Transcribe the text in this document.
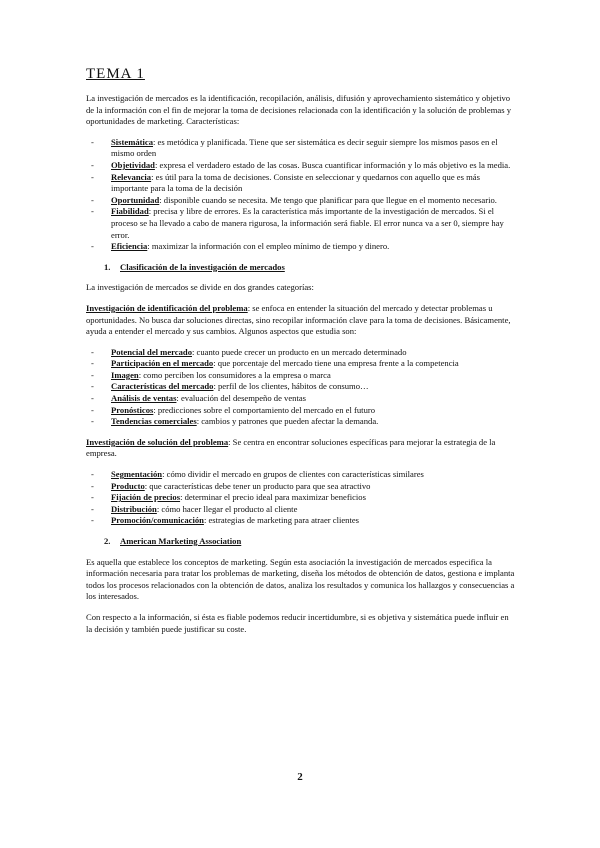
TEMA 1

La investigación de mercados es la identificación, recopilación, análisis, difusión y aprovechamiento sistemático y objetivo de la información con el fin de mejorar la toma de decisiones relacionada con la identificación y la solución de problemas y oportunidades de marketing. Características:

- Sistemática: es metódica y planificada. Tiene que ser sistemática es decir seguir siempre los mismos pasos en el mismo orden
- Objetividad: expresa el verdadero estado de las cosas. Busca cuantificar información y lo más objetivo es la media.
- Relevancia: es útil para la toma de decisiones. Consiste en seleccionar y quedarnos con aquello que es más importante para la toma de la decisión
- Oportunidad: disponible cuando se necesita. Me tengo que planificar para que llegue en el momento necesario.
- Fiabilidad: precisa y libre de errores. Es la característica más importante de la investigación de mercados. Si el proceso se ha llevado a cabo de manera rigurosa, la información será fiable. El error nunca va a ser 0, siempre hay error.
- Eficiencia: maximizar la información con el empleo mínimo de tiempo y dinero.
1. Clasificación de la investigación de mercados

La investigación de mercados se divide en dos grandes categorías:

Investigación de identificación del problema: se enfoca en entender la situación del mercado y detectar problemas u oportunidades. No busca dar soluciones directas, sino recopilar información clave para la toma de decisiones. Básicamente, ayuda a entender el mercado y sus cambios. Algunos aspectos que estudia son:

- Potencial del mercado: cuanto puede crecer un producto en un mercado determinado
- Participación en el mercado: que porcentaje del mercado tiene una empresa frente a la competencia
- Imagen: como perciben los consumidores a la empresa o marca
- Características del mercado: perfil de los clientes, hábitos de consumo…
- Análisis de ventas: evaluación del desempeño de ventas
- Pronósticos: predicciones sobre el comportamiento del mercado en el futuro
- Tendencias comerciales: cambios y patrones que pueden afectar la demanda.

Investigación de solución del problema: Se centra en encontrar soluciones específicas para mejorar la estrategia de la empresa.

- Segmentación: cómo dividir el mercado en grupos de clientes con características similares
- Producto: que características debe tener un producto para que sea atractivo
- Fijación de precios: determinar el precio ideal para maximizar beneficios
- Distribución: cómo hacer llegar el producto al cliente
- Promoción/comunicación: estrategias de marketing para atraer clientes
2. American Marketing Association

Es aquella que establece los conceptos de marketing. Según esta asociación la investigación de mercados especifica la información necesaria para tratar los problemas de marketing, diseña los métodos de obtención de datos, gestiona e implanta todos los procesos relacionados con la obtención de datos, analiza los resultados y comunica los hallazgos y consecuencias a los interesados.

Con respecto a la información, si ésta es fiable podemos reducir incertidumbre, si es objetiva y sistemática puede influir en la decisión y también puede justificar su coste.

2
